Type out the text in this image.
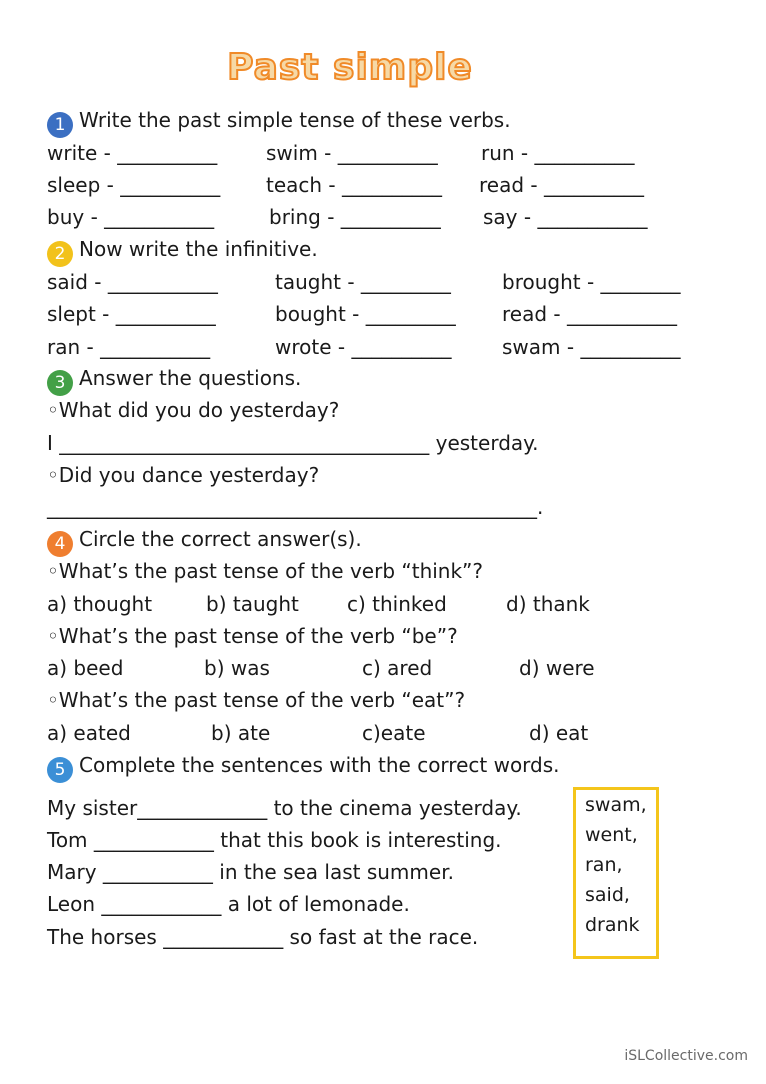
Past simple
1 Write the past simple tense of these verbs.
write - __________ swim - __________ run - __________
sleep - __________ teach - __________ read - __________
buy - ___________	bring - __________ say - ___________
2 Now write the infinitive.
said - ___________	taught - _________	brought - ________
slept - __________	bought - _________ read - ___________
ran - ___________	wrote - __________	swam - __________
3 Answer the questions.
◦What did you do yesterday?
I _____________________________________ yesterday.
◦Did you dance yesterday?
_________________________________________________.
4 Circle the correct answer(s).
◦What’s the past tense of the verb “think”?
a) thought	b) taught c) thinked	d) thank
◦What’s the past tense of the verb “be”?
a) beed	b) was	c) ared	d) were
◦What’s the past tense of the verb “eat”?
a) eated	b) ate	c)eate	d) eat
5 Complete the sentences with the correct words.
My sister_____________ to the cinema yesterday.
Tom ____________ that this book is interesting.
Mary ___________ in the sea last summer.
Leon ____________ a lot of lemonade.
The horses ____________ so fast at the race.
swam,
went,
ran,
said,
drank
iSLCollective.com
